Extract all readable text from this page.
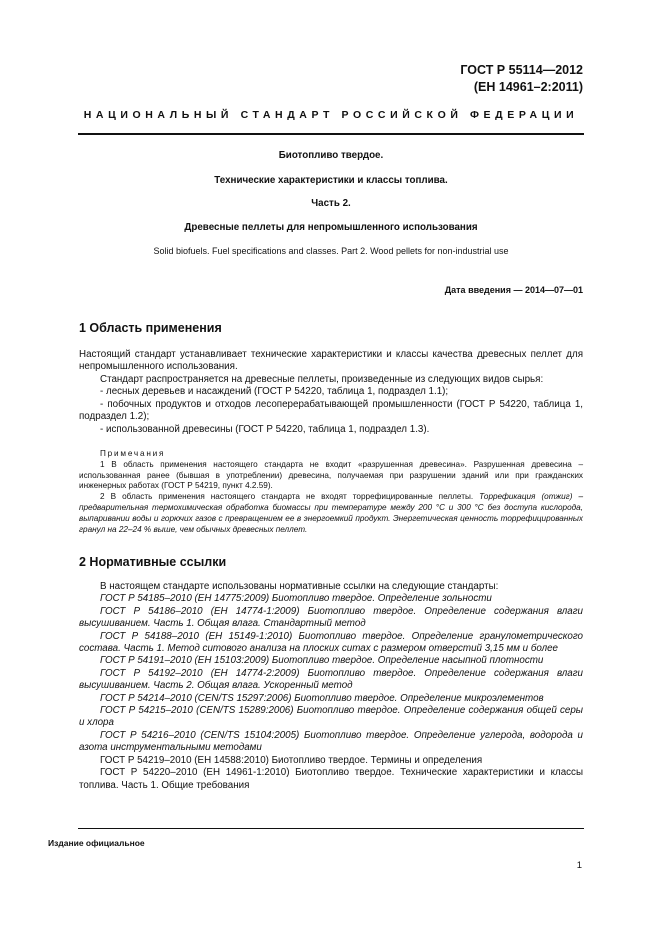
ГОСТ Р 55114—2012
(ЕН 14961–2:2011)
НАЦИОНАЛЬНЫЙ СТАНДАРТ РОССИЙСКОЙ ФЕДЕРАЦИИ
Биотопливо твердое.
Технические характеристики и классы топлива.
Часть 2.
Древесные пеллеты для непромышленного использования
Solid biofuels. Fuel specifications and classes. Part 2. Wood pellets for non-industrial use
Дата введения — 2014—07—01
1 Область применения

Настоящий стандарт устанавливает технические характеристики и классы качества древесных пеллет для непромышленного использования.

Стандарт распространяется на древесные пеллеты, произведенные из следующих видов сырья:
- лесных деревьев и насаждений (ГОСТ Р 54220, таблица 1, подраздел 1.1);
- побочных продуктов и отходов лесоперерабатывающей промышленности (ГОСТ Р 54220, таблица 1, подраздел 1.2);
- использованной древесины (ГОСТ Р 54220, таблица 1, подраздел 1.3).
Примечания
1 В область применения настоящего стандарта не входит «разрушенная древесина». Разрушенная древесина – использованная ранее (бывшая в употреблении) древесина, получаемая при разрушении зданий или при гражданских инженерных работах (ГОСТ Р 54219, пункт 4.2.59).
2 В область применения настоящего стандарта не входят торрефицированные пеллеты. Торрефикация (отжиг) – предварительная термохимическая обработка биомассы при температуре между 200 °С и 300 °С без доступа кислорода, выпаривании воды и горючих газов с превращением ее в энергоемкий продукт. Энергетическая ценность торрефицированных гранул на 22–24 % выше, чем обычных древесных пеллет.
2 Нормативные ссылки
В настоящем стандарте использованы нормативные ссылки на следующие стандарты:
ГОСТ Р 54185–2010 (ЕН 14775:2009) Биотопливо твердое. Определение зольности
ГОСТ Р 54186–2010 (ЕН 14774-1:2009) Биотопливо твердое. Определение содержания влаги высушиванием. Часть 1. Общая влага. Стандартный метод
ГОСТ Р 54188–2010 (ЕН 15149-1:2010) Биотопливо твердое. Определение гранулометрического состава. Часть 1. Метод ситового анализа на плоских ситах с размером отверстий 3,15 мм и более
ГОСТ Р 54191–2010 (ЕН 15103:2009) Биотопливо твердое. Определение насыпной плотности
ГОСТ Р 54192–2010 (ЕН 14774-2:2009) Биотопливо твердое. Определение содержания влаги высушиванием. Часть 2. Общая влага. Ускоренный метод
ГОСТ Р 54214–2010 (CEN/TS 15297:2006) Биотопливо твердое. Определение микроэлементов
ГОСТ Р 54215–2010 (CEN/TS 15289:2006) Биотопливо твердое. Определение содержания общей серы и хлора
ГОСТ Р 54216–2010 (CEN/TS 15104:2005) Биотопливо твердое. Определение углерода, водорода и азота инструментальными методами
ГОСТ Р 54219–2010 (ЕН 14588:2010) Биотопливо твердое. Термины и определения
ГОСТ Р 54220–2010 (ЕН 14961-1:2010) Биотопливо твердое. Технические характеристики и классы топлива. Часть 1. Общие требования
Издание официальное
1
